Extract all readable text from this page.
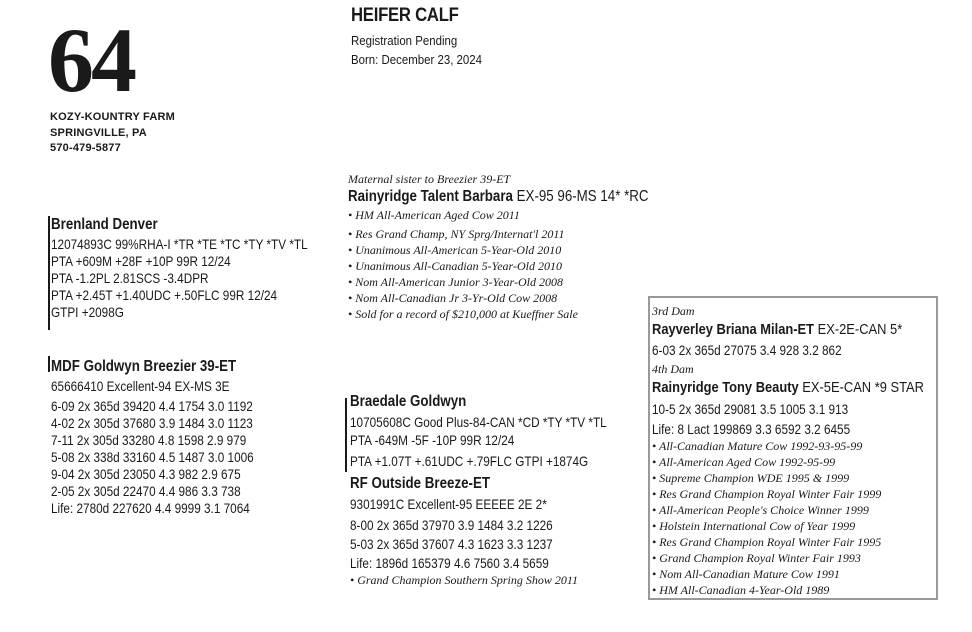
64
KOZY-KOUNTRY FARM
SPRINGVILLE, PA
570-479-5877
HEIFER CALF
Registration Pending
Born: December 23, 2024
Brenland Denver
12074893C 99%RHA-I *TR *TE *TC *TY *TV *TL
PTA +609M +28F +10P 99R 12/24
PTA -1.2PL 2.81SCS -3.4DPR
PTA +2.45T +1.40UDC +.50FLC 99R 12/24
GTPI +2098G
MDF Goldwyn Breezier 39-ET
65666410 Excellent-94 EX-MS 3E
6-09 2x 365d 39420 4.4 1754 3.0 1192
4-02 2x 305d 37680 3.9 1484 3.0 1123
7-11 2x 305d 33280 4.8 1598 2.9 979
5-08 2x 338d 33160 4.5 1487 3.0 1006
9-04 2x 305d 23050 4.3 982 2.9 675
2-05 2x 305d 22470 4.4 986 3.3 738
Life: 2780d 227620 4.4 9999 3.1 7064
Maternal sister to Breezier 39-ET
Rainyridge Talent Barbara EX-95 96-MS 14* *RC
• HM All-American Aged Cow 2011
• Res Grand Champ, NY Sprg/Internat'l 2011
• Unanimous All-American 5-Year-Old 2010
• Unanimous All-Canadian 5-Year-Old 2010
• Nom All-American Junior 3-Year-Old 2008
• Nom All-Canadian Jr 3-Yr-Old Cow 2008
• Sold for a record of $210,000 at Kueffner Sale
Braedale Goldwyn
10705608C Good Plus-84-CAN *CD *TY *TV *TL
PTA -649M -5F -10P 99R 12/24
PTA +1.07T +.61UDC +.79FLC GTPI +1874G
RF Outside Breeze-ET
9301991C Excellent-95 EEEEE 2E 2*
8-00 2x 365d 37970 3.9 1484 3.2 1226
5-03 2x 365d 37607 4.3 1623 3.3 1237
Life: 1896d 165379 4.6 7560 3.4 5659
• Grand Champion Southern Spring Show 2011
3rd Dam
Rayverley Briana Milan-ET EX-2E-CAN 5*
6-03 2x 365d 27075 3.4 928 3.2 862
4th Dam
Rainyridge Tony Beauty EX-5E-CAN *9 STAR
10-5 2x 365d 29081 3.5 1005 3.1 913
Life: 8 Lact 199869 3.3 6592 3.2 6455
• All-Canadian Mature Cow 1992-93-95-99
• All-American Aged Cow 1992-95-99
• Supreme Champion WDE 1995 & 1999
• Res Grand Champion Royal Winter Fair 1999
• All-American People's Choice Winner 1999
• Holstein International Cow of Year 1999
• Res Grand Champion Royal Winter Fair 1995
• Grand Champion Royal Winter Fair 1993
• Nom All-Canadian Mature Cow 1991
• HM All-Canadian 4-Year-Old 1989
